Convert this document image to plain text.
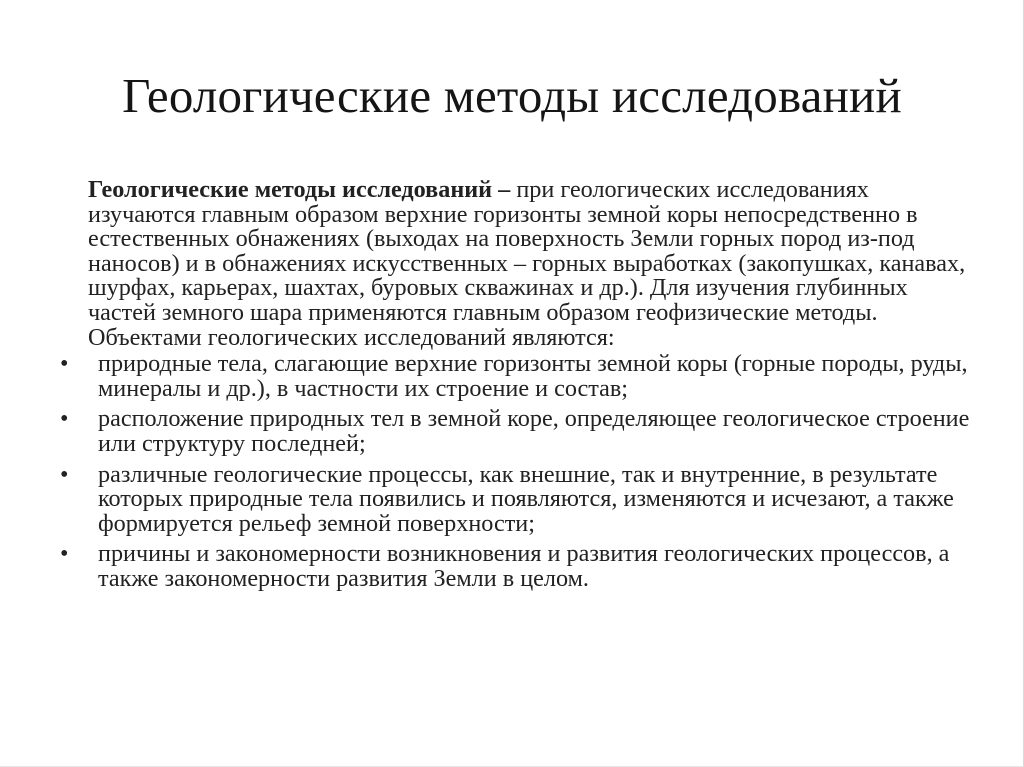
Геологические методы исследований

Геологические методы исследований – при геологических исследованиях изучаются главным образом верхние горизонты земной коры непосредственно в естественных обнажениях (выходах на поверхность Земли горных пород из-под наносов) и в обнажениях искусственных – горных выработках (закопушках, канавах, шурфах, карьерах, шахтах, буровых скважинах и др.). Для изучения глубинных частей земного шара применяются главным образом геофизические методы. Объектами геологических исследований являются:

•	природные тела, слагающие верхние горизонты земной коры (горные породы, руды, минералы и др.), в частности их строение и состав;
•	расположение природных тел в земной коре, определяющее геологическое строение или структуру последней;
•	различные геологические процессы, как внешние, так и внутренние, в результате которых природные тела появились и появляются, изменяются и исчезают, а также формируется рельеф земной поверхности;
•	причины и закономерности возникновения и развития геологических процессов, а также закономерности развития Земли в целом.
